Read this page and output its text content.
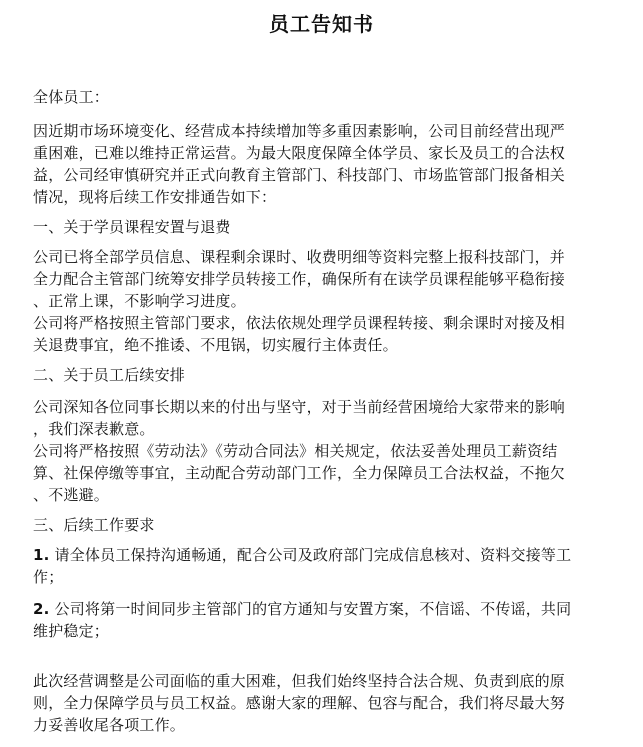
员工告知书
全体员工：
因近期市场环境变化、经营成本持续增加等多重因素影响，公司目前经营出现严
重困难，已难以维持正常运营。为最大限度保障全体学员、家长及员工的合法权
益，公司经审慎研究并正式向教育主管部门、科技部门、市场监管部门报备相关
情况，现将后续工作安排通告如下：
一、关于学员课程安置与退费
公司已将全部学员信息、课程剩余课时、收费明细等资料完整上报科技部门，并
全力配合主管部门统筹安排学员转接工作，确保所有在读学员课程能够平稳衔接
、正常上课，不影响学习进度。
公司将严格按照主管部门要求，依法依规处理学员课程转接、剩余课时对接及相
关退费事宜，绝不推诿、不甩锅，切实履行主体责任。
二、关于员工后续安排
公司深知各位同事长期以来的付出与坚守，对于当前经营困境给大家带来的影响
，我们深表歉意。
公司将严格按照《劳动法》《劳动合同法》相关规定，依法妥善处理员工薪资结
算、社保停缴等事宜，主动配合劳动部门工作，全力保障员工合法权益，不拖欠
、不逃避。
三、后续工作要求
1. 请全体员工保持沟通畅通，配合公司及政府部门完成信息核对、资料交接等工
作；
2. 公司将第一时间同步主管部门的官方通知与安置方案，不信谣、不传谣，共同
维护稳定；
此次经营调整是公司面临的重大困难，但我们始终坚持合法合规、负责到底的原
则，全力保障学员与员工权益。感谢大家的理解、包容与配合，我们将尽最大努
力妥善收尾各项工作。
